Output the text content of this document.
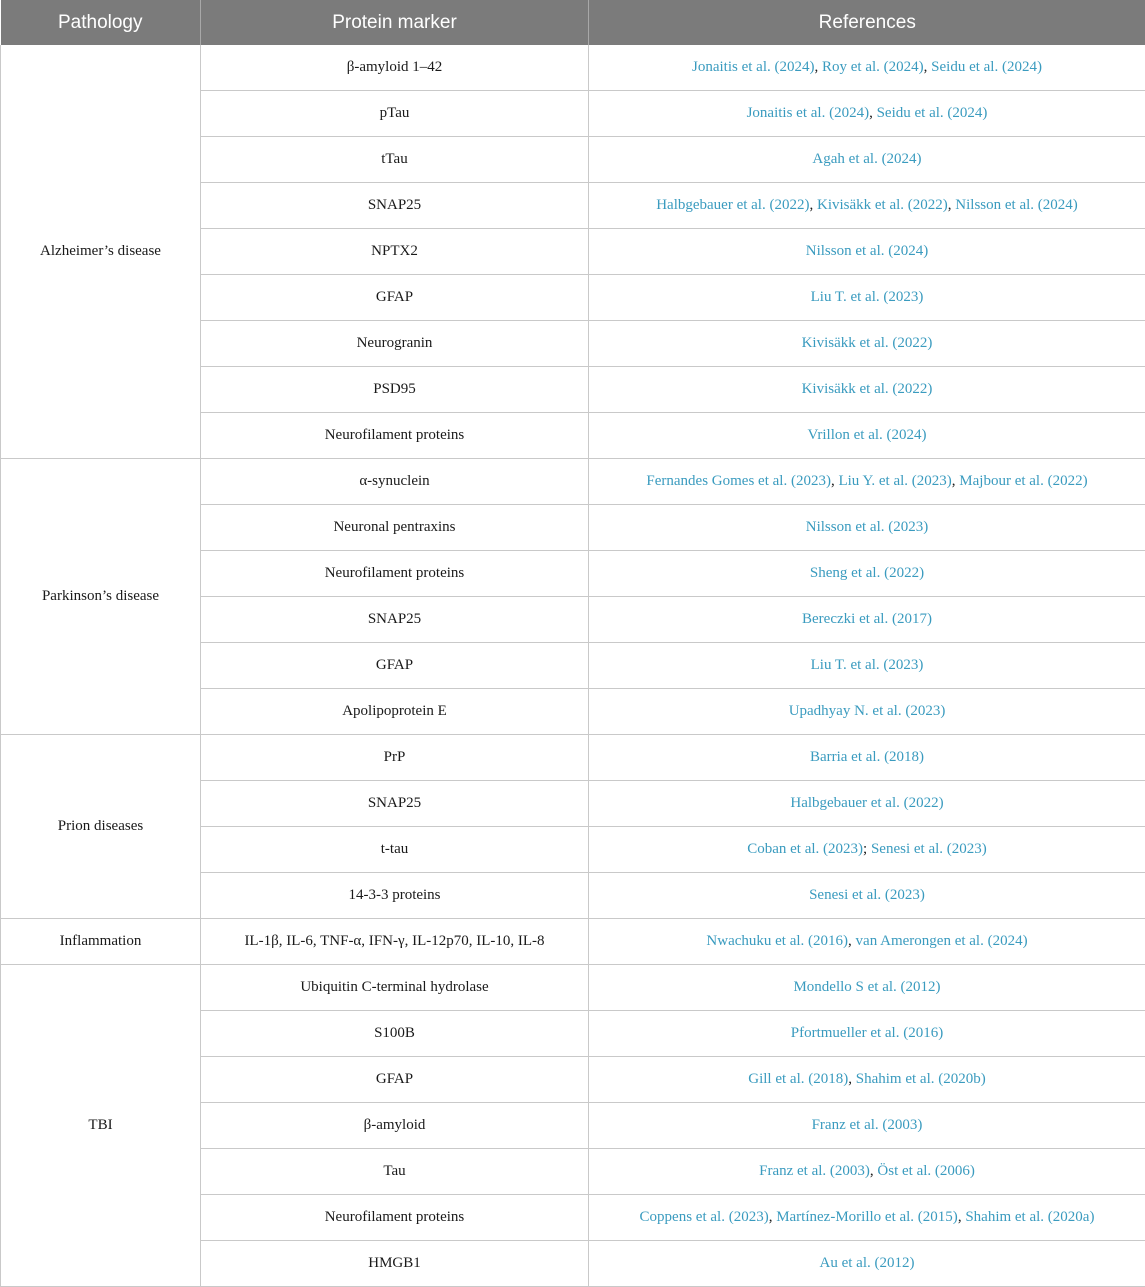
Pathology	Protein marker	References
Alzheimer’s disease	β-amyloid 1–42	Jonaitis et al. (2024), Roy et al. (2024), Seidu et al. (2024)
	pTau	Jonaitis et al. (2024), Seidu et al. (2024)
	tTau	Agah et al. (2024)
	SNAP25	Halbgebauer et al. (2022), Kivisäkk et al. (2022), Nilsson et al. (2024)
	NPTX2	Nilsson et al. (2024)
	GFAP	Liu T. et al. (2023)
	Neurogranin	Kivisäkk et al. (2022)
	PSD95	Kivisäkk et al. (2022)
	Neurofilament proteins	Vrillon et al. (2024)
Parkinson’s disease	α-synuclein	Fernandes Gomes et al. (2023), Liu Y. et al. (2023), Majbour et al. (2022)
	Neuronal pentraxins	Nilsson et al. (2023)
	Neurofilament proteins	Sheng et al. (2022)
	SNAP25	Bereczki et al. (2017)
	GFAP	Liu T. et al. (2023)
	Apolipoprotein E	Upadhyay N. et al. (2023)
Prion diseases	PrP	Barria et al. (2018)
	SNAP25	Halbgebauer et al. (2022)
	t-tau	Coban et al. (2023); Senesi et al. (2023)
	14-3-3 proteins	Senesi et al. (2023)
Inflammation	IL-1β, IL-6, TNF-α, IFN-γ, IL-12p70, IL-10, IL-8	Nwachuku et al. (2016), van Amerongen et al. (2024)
TBI	Ubiquitin C-terminal hydrolase	Mondello S et al. (2012)
	S100B	Pfortmueller et al. (2016)
	GFAP	Gill et al. (2018), Shahim et al. (2020b)
	β-amyloid	Franz et al. (2003)
	Tau	Franz et al. (2003), Öst et al. (2006)
	Neurofilament proteins	Coppens et al. (2023), Martínez-Morillo et al. (2015), Shahim et al. (2020a)
	HMGB1	Au et al. (2012)
